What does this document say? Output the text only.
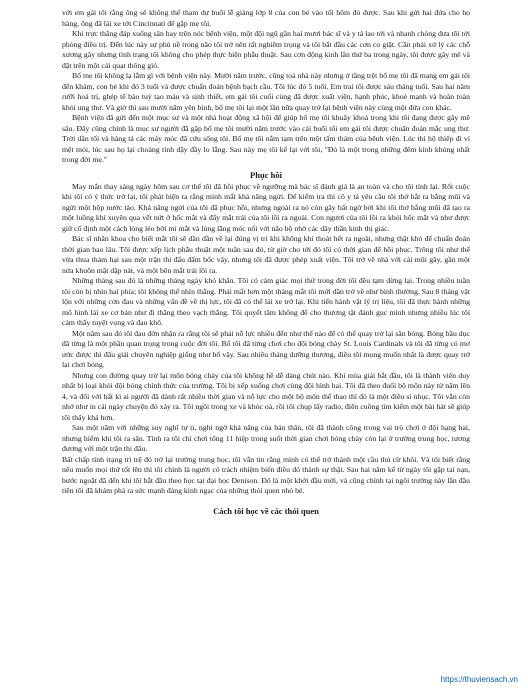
với em gái tôi rằng ông sẽ không thể tham dự buổi lễ giảng lớp 8 của con bé vào tối hôm đó được. Sau khi gửi hai đứa cho họ hàng, ông đã lái xe tới Cincinnati để gặp mẹ tôi.

Khi trực thăng đáp xuống sân bay trên nóc bệnh viện, một đội ngũ gần hai mươi bác sĩ và y tá lao tới và nhanh chóng đưa tôi tới phòng điều trị. Đến lúc này sự phù nề trong não tôi trở nên rất nghiêm trọng và tôi bắt đầu các cơn co giật. Cần phải xử lý các chỗ xương gãy nhưng tình trạng tôi không cho phép thực hiện phẫu thuật. Sau cơn động kinh lần thứ ba trong ngày, tôi được gây mê và đặt trên một cái quạt thông gió.

Bố mẹ tôi không lạ lẫm gì với bệnh viện này. Mười năm trước, cũng toà nhà này nhưng ở tầng trệt bố mẹ tôi đã mang em gái tôi đến khám, con bé khi đó 3 tuổi và được chuẩn đoán bệnh bạch cầu. Tôi lúc đó 5 tuổi. Em trai tôi được sáu tháng tuổi. Sau hai năm rưỡi hoá trị, ghép tế bào tuỷ tạo máu và sinh thiết, em gái tôi cuối cùng đã được xuất viện, hạnh phúc, khoẻ mạnh và hoàn toàn khỏi ung thư. Và giờ thì sau mười năm yên bình, bố mẹ tôi lại một lần nữa quay trở lại bệnh viện này cùng một đứa con khác.

Bệnh viện đã gửi đến một mục sư và một nhà hoạt động xã hội để giúp bố mẹ tôi khuây khoả trong khi tôi đang được gây mê sâu. Đây cũng chính là mục sư người đã gặp bố mẹ tôi mười năm trước vào cái buổi tối em gái tôi được chuẩn đoán mắc ung thư. Trời dần tối và hàng tá các máy móc đã cứu sống tôi. Bố mẹ tôi nằm tạm trên một tấm thảm của bệnh viện. Lúc thì hộ thiếp đi vì mệt mỏi, lúc sau họ lại choàng tỉnh dậy đầy lo lắng. Sau này mẹ tôi kể lại với tôi, "Đó là một trong những đêm kinh khủng nhất trong đời mẹ."

Phục hồi

May mắn thay sáng ngày hôm sau cơ thể tôi đã hồi phục về ngưỡng mà bác sĩ đánh giá là an toàn và cho tôi tỉnh lại. Rốt cuộc khi tôi có ý thức trở lại, tôi phát hiện ra rằng mình mất khả năng ngửi. Để kiểm tra thì cô y tá yêu cầu tôi thở hắt ra bằng mũi và ngửi một hộp nước táo. Khả năng ngửi của tôi đã phục hồi, nhưng ngoài ra nó còn gây bất ngờ bởi khi tôi thở bằng mũi đã tạo ra một luồng khí xuyên qua vết nứt ở hốc mắt và đẩy mắt trái của tôi lồi ra ngoài. Con ngươi của tôi lồi ra khỏi hốc mắt và như được giữ cố định một cách lỏng lẻo bởi mí mắt và lủng lẳng móc nối với não bộ nhờ các dây thần kinh thị giác.

Bác sĩ nhãn khoa cho biết mắt tôi sẽ dần dần về lại đúng vị trí khi không khí thoát hết ra ngoài, nhưng thật khó để chuẩn đoán thời gian bao lâu. Tôi được xếp lịch phẫu thuật một tuần sau đó, từ giờ cho tới đó tôi có thời gian để hồi phục. Trông tôi như thể vừa thua thảm hại sau một trận thi đấu đấm bốc vậy, nhưng tôi đã được phép xuất viện. Tôi trở về nhà với cái mũi gãy, gần một nửa khuôn mặt dập nát, và một bên mắt trái lồi ra.

Những tháng sau đó là những tháng ngày khó khăn. Tôi có cảm giác mọi thứ trong đời tôi đều tạm dừng lại. Trong nhiều tuần tôi còn bị nhìn hai phía; tôi không thể nhìn thẳng. Phải mất hơn một tháng mắt tôi mới dần trở về như bình thường. Sau 8 tháng vật lộn với những cơn đau và những vấn đề về thị lực, tôi đã có thể lái xe trở lại. Khi tiến hành vật lý trị liệu, tôi đã thực hành những mô hình lái xe cơ bản như đi thẳng theo vạch thẳng. Tôi quyết tâm không để cho thương tật đánh gục mình nhưng nhiều lúc tôi cảm thấy tuyệt vọng và đau khổ.

Một năm sau đó tôi đau đớn nhận ra rằng tôi sẽ phải nỗ lực nhiều đến như thế nào để có thể quay trở lại sân bóng. Bóng bầu dục đã từng là một phần quan trọng trong cuộc đời tôi. Bố tôi đã từng chơi cho đội bóng chày St. Louis Cardinals và tôi đã từng có mơ ước được thi đấu giải chuyên nghiệp giống như bố vậy. Sau nhiều tháng dưỡng thương, điều tôi mong muốn nhất là được quay trở lại chơi bóng.

Nhưng con đường quay trở lại môn bóng chày của tôi không hề dễ dàng chút nào. Khi mùa giải bắt đầu, tôi là thành viên duy nhất bị loại khỏi đội bóng chính thức của trường. Tôi bị xếp xuống chơi cùng đội hình hai. Tôi đã theo đuổi bộ môn này từ năm lên 4, và đối với bất kì ai người đã dành rất nhiều thời gian và nỗ lực cho một bộ môn thể thao thì đó là một điều sỉ nhục. Tôi vẫn còn nhớ như in cái ngày chuyện đó xảy ra. Tôi ngồi trong xe và khóc oà, rồi tôi chụp lấy radio, điên cuồng tìm kiếm một bài hát sẽ giúp tôi thấy khá hơn.

Sau một năm với những suy nghĩ tự ti, nghi ngờ khả năng của bản thân, tôi đã thành công trong vai trò chơi ở đội hạng hai, nhưng hiếm khi tôi ra sân. Tính ra tôi chỉ chơi tổng 11 hiệp trong suốt thời gian chơi bóng chày còn lại ở trường trung học, tương đương với một trận thi đấu.

Bất chấp tình trạng trì trệ đó trở lại trường trung học, tôi vẫn tin rằng mình có thể trở thành một cầu thủ cừ khôi. Và tôi biết rằng nếu muốn mọi thứ tốt lên thì tôi chính là người có trách nhiệm biến điều đó thành sự thật. Sau hai năm kể từ ngày tôi gặp tai nạn, bước ngoặt đã đến khi tôi bắt đầu theo học tại đại học Denison. Đó là một khởi đầu mới, và cũng chính tại ngôi trường này lần đầu tiên tôi đã khám phá ra sức mạnh đáng kinh ngạc của những thói quen nhỏ bé.

Cách tôi học về các thói quen
https://thuviensach.vn
